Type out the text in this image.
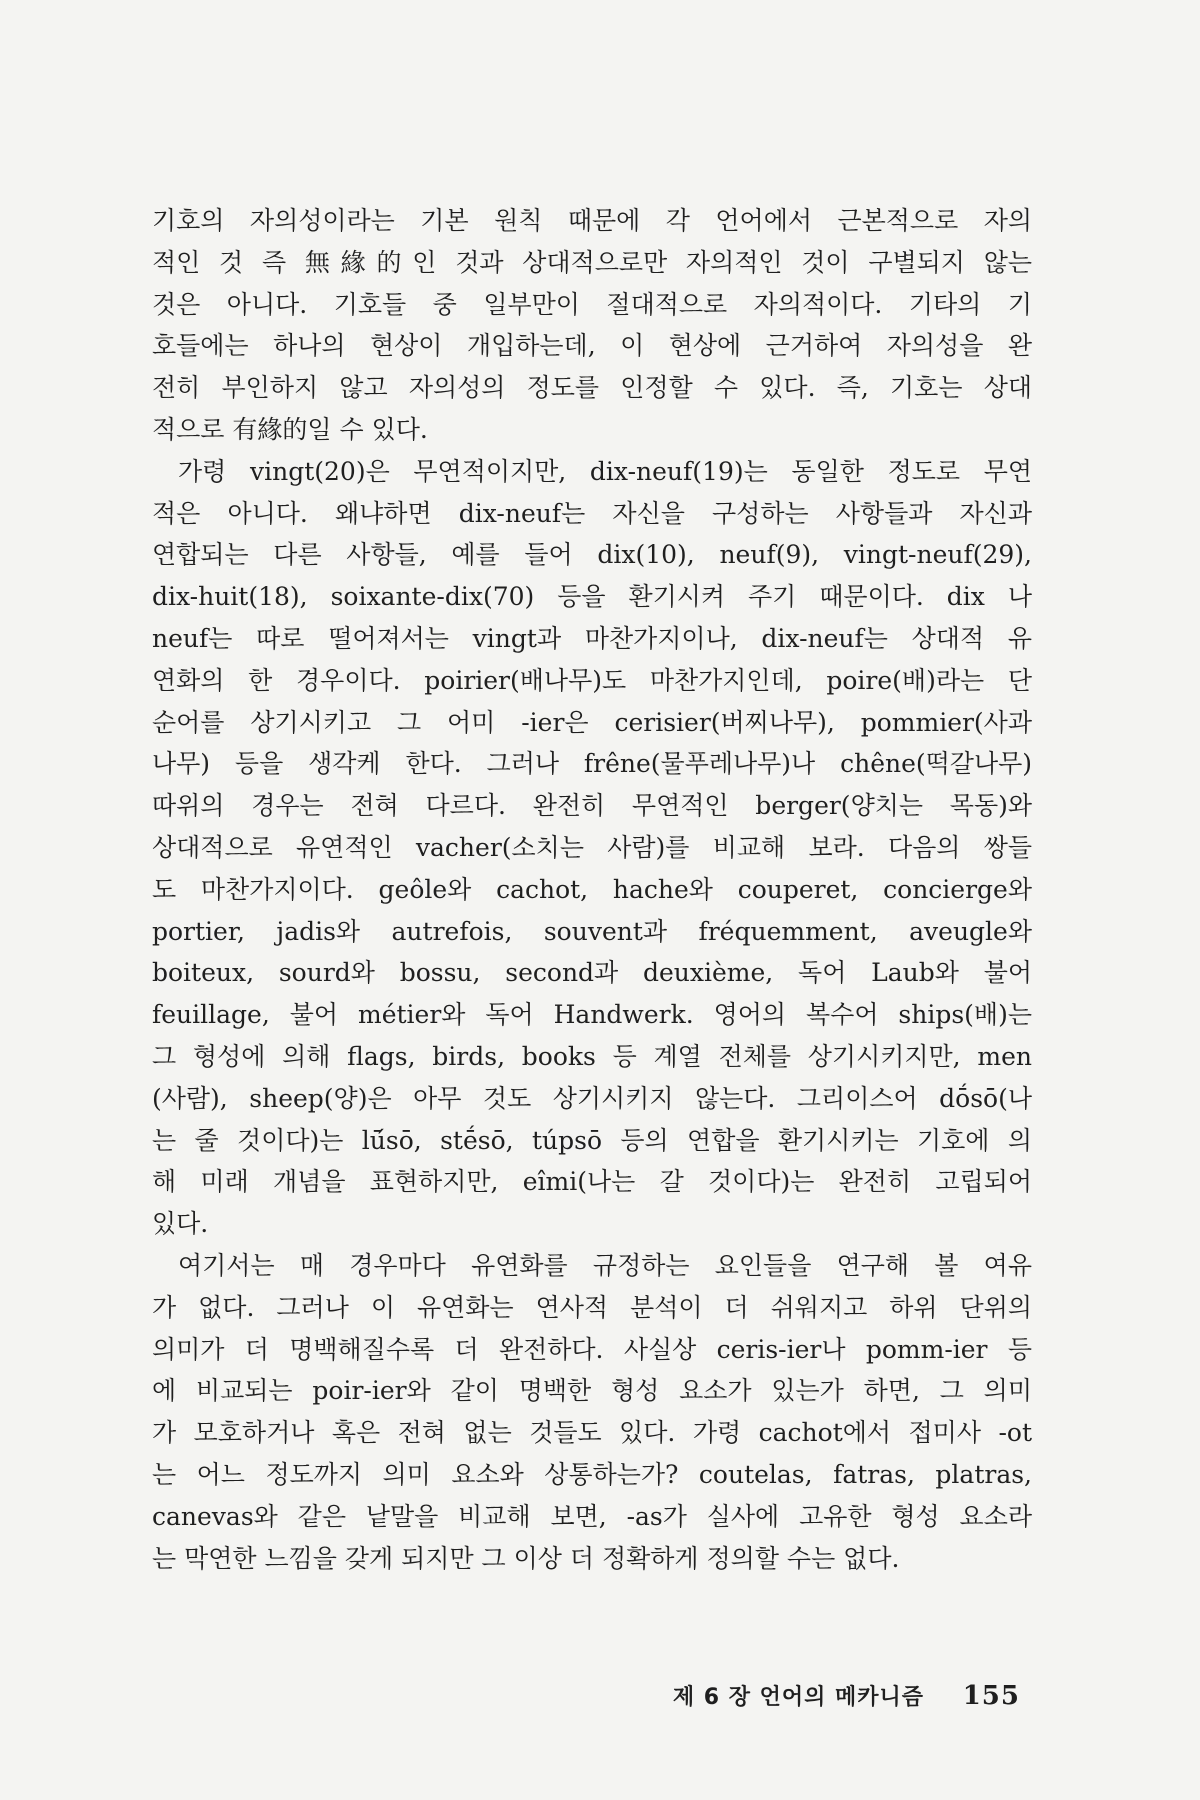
기호의 자의성이라는 기본 원칙 때문에 각 언어에서 근본적으로 자의
적인 것 즉 無緣的인 것과 상대적으로만 자의적인 것이 구별되지 않는
것은 아니다. 기호들 중 일부만이 절대적으로 자의적이다. 기타의 기
호들에는 하나의 현상이 개입하는데, 이 현상에 근거하여 자의성을 완
전히 부인하지 않고 자의성의 정도를 인정할 수 있다. 즉, 기호는 상대
적으로 有緣的일 수 있다.

가령 vingt(20)은 무연적이지만, dix-neuf(19)는 동일한 정도로 무연
적은 아니다. 왜냐하면 dix-neuf는 자신을 구성하는 사항들과 자신과
연합되는 다른 사항들, 예를 들어 dix(10), neuf(9), vingt-neuf(29),
dix-huit(18), soixante-dix(70) 등을 환기시켜 주기 때문이다. dix 나
neuf는 따로 떨어져서는 vingt과 마찬가지이나, dix-neuf는 상대적 유
연화의 한 경우이다. poirier(배나무)도 마찬가지인데, poire(배)라는 단
순어를 상기시키고 그 어미 -ier은 cerisier(버찌나무), pommier(사과
나무) 등을 생각케 한다. 그러나 frêne(물푸레나무)나 chêne(떡갈나무)
따위의 경우는 전혀 다르다. 완전히 무연적인 berger(양치는 목동)와
상대적으로 유연적인 vacher(소치는 사람)를 비교해 보라. 다음의 쌍들
도 마찬가지이다. geôle와 cachot, hache와 couperet, concierge와
portier, jadis와 autrefois, souvent과 fréquemment, aveugle와
boiteux, sourd와 bossu, second과 deuxième, 독어 Laub와 불어
feuillage, 불어 métier와 독어 Handwerk. 영어의 복수어 ships(배)는
그 형성에 의해 flags, birds, books 등 계열 전체를 상기시키지만, men
(사람), sheep(양)은 아무 것도 상기시키지 않는다. 그리이스어 dṓsō(나
는 줄 것이다)는 lū́sō, stḗsō, túpsō 등의 연합을 환기시키는 기호에 의
해 미래 개념을 표현하지만, eîmi(나는 갈 것이다)는 완전히 고립되어
있다.

여기서는 매 경우마다 유연화를 규정하는 요인들을 연구해 볼 여유
가 없다. 그러나 이 유연화는 연사적 분석이 더 쉬워지고 하위 단위의
의미가 더 명백해질수록 더 완전하다. 사실상 ceris-ier나 pomm-ier 등
에 비교되는 poir-ier와 같이 명백한 형성 요소가 있는가 하면, 그 의미
가 모호하거나 혹은 전혀 없는 것들도 있다. 가령 cachot에서 접미사 -ot
는 어느 정도까지 의미 요소와 상통하는가? coutelas, fatras, platras,
canevas와 같은 낱말을 비교해 보면, -as가 실사에 고유한 형성 요소라
는 막연한 느낌을 갖게 되지만 그 이상 더 정확하게 정의할 수는 없다.

제 6 장 언어의 메카니즘 155
